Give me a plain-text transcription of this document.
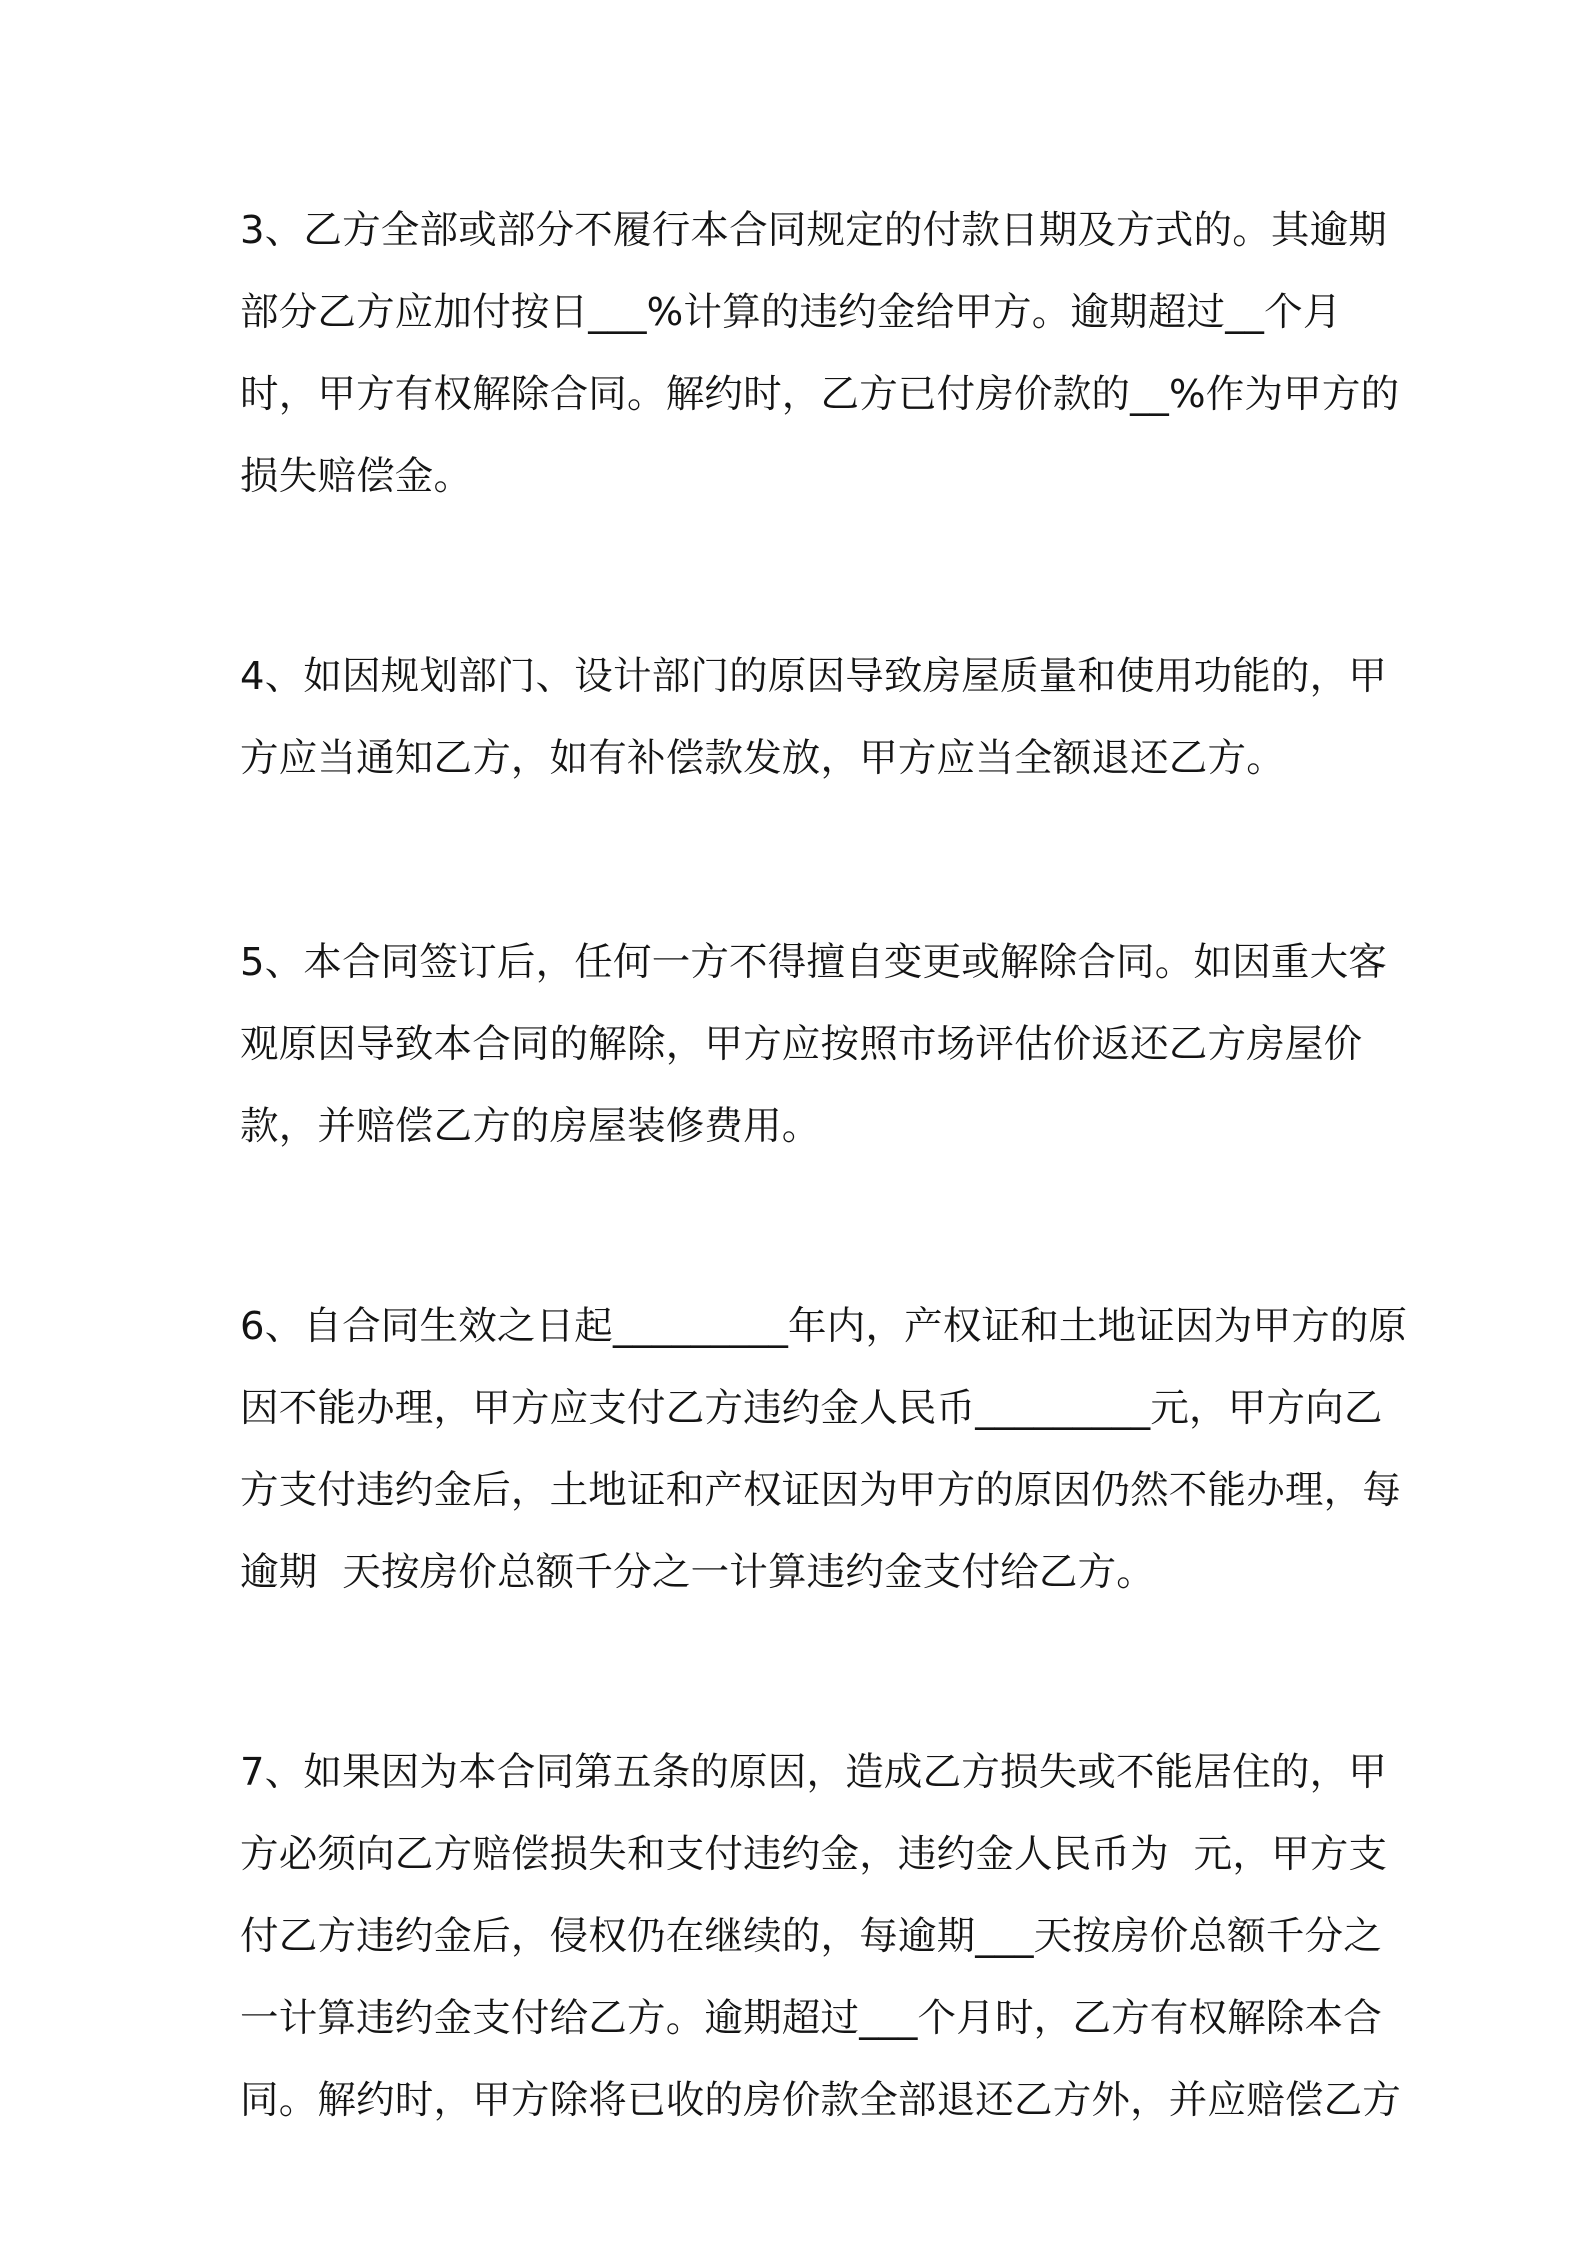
3、乙方全部或部分不履行本合同规定的付款日期及方式的。其逾期
部分乙方应加付按日___%计算的违约金给甲方。逾期超过__个月
时，甲方有权解除合同。解约时，乙方已付房价款的__%作为甲方的
损失赔偿金。
4、如因规划部门、设计部门的原因导致房屋质量和使用功能的，甲
方应当通知乙方，如有补偿款发放，甲方应当全额退还乙方。
5、本合同签订后，任何一方不得擅自变更或解除合同。如因重大客
观原因导致本合同的解除，甲方应按照市场评估价返还乙方房屋价
款，并赔偿乙方的房屋装修费用。
6、自合同生效之日起_________年内，产权证和土地证因为甲方的原
因不能办理，甲方应支付乙方违约金人民币_________元，甲方向乙
方支付违约金后，土地证和产权证因为甲方的原因仍然不能办理，每
逾期  天按房价总额千分之一计算违约金支付给乙方。
7、如果因为本合同第五条的原因，造成乙方损失或不能居住的，甲
方必须向乙方赔偿损失和支付违约金，违约金人民币为  元，甲方支
付乙方违约金后，侵权仍在继续的，每逾期___天按房价总额千分之
一计算违约金支付给乙方。逾期超过___个月时，乙方有权解除本合
同。解约时，甲方除将已收的房价款全部退还乙方外，并应赔偿乙方
